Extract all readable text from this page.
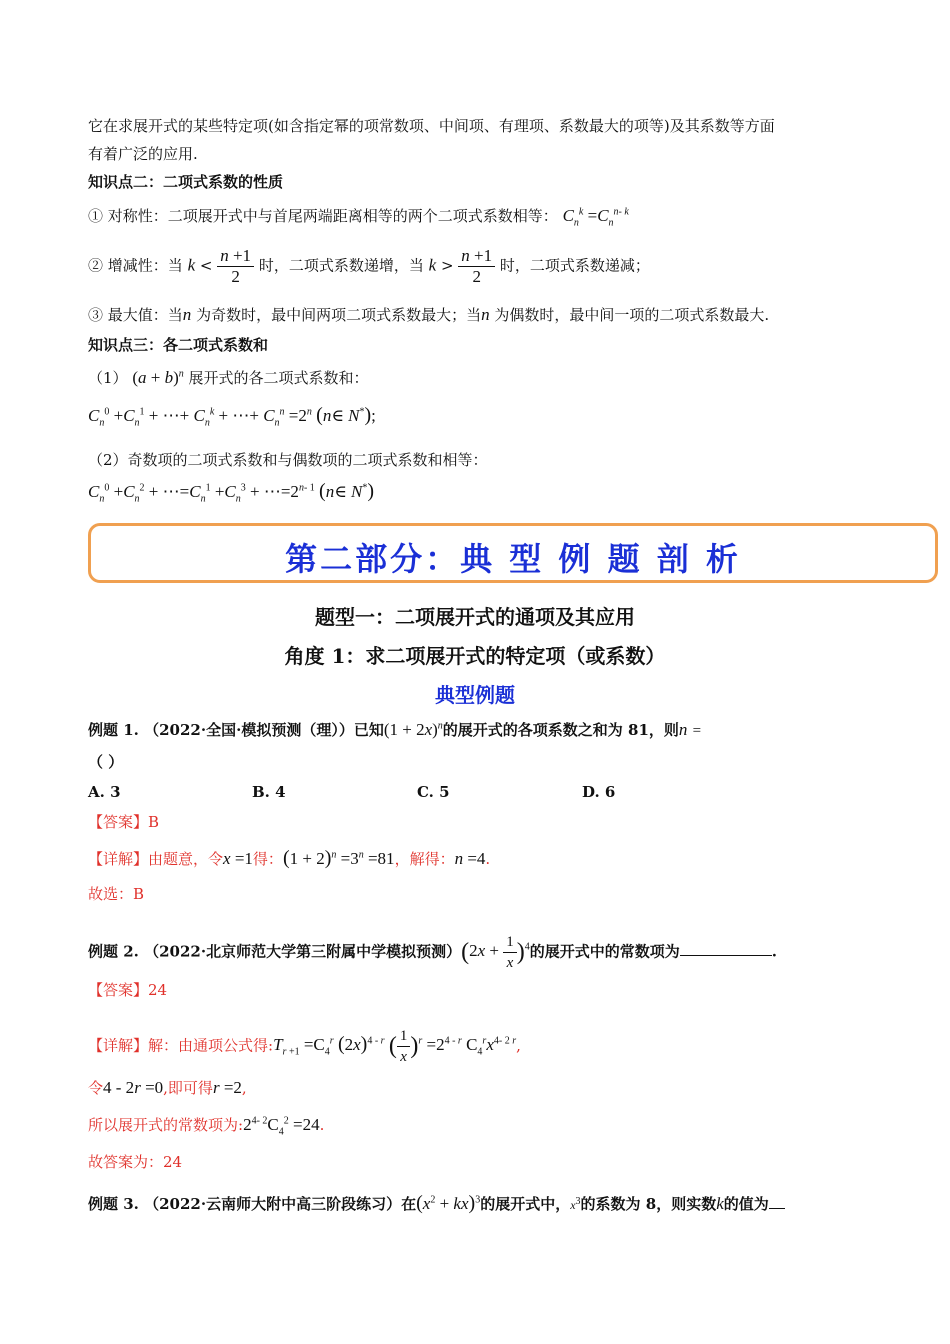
它在求展开式的某些特定项(如含指定幂的项常数项、中间项、有理项、系数最大的项等)及其系数等方面
有着广泛的应用.
知识点二：二项式系数的性质
① 对称性：二项展开式中与首尾两端距离相等的两个二项式系数相等： $C_n^k =C_n^{n- k}$
② 增减性：当 $k < \frac{n +1}{2}$ 时，二项式系数递增，当 $k > \frac{n +1}{2}$ 时，二项式系数递减；
③ 最大值：当n 为奇数时，最中间两项二项式系数最大；当n 为偶数时，最中间一项的二项式系数最大.
知识点三：各二项式系数和
（1） $(a + b)^n$ 展开式的各二项式系数和：
$C_n^0 +C_n^1$ + ⋯+ $C_n^k$ + ⋯+ $C_n^n =2^n$ (n∈ N*);
（2）奇数项的二项式系数和与偶数项的二项式系数和相等：
$C_n^0 +C_n^2$ + $\cdots=C_n^1 +C_n^3$ + $\cdots=2^{n- 1}$ (n∈ N*)
第二部分：典 型 例 题 剖 析
题型一：二项展开式的通项及其应用
角度 1：求二项展开式的特定项（或系数）
典型例题
例题 1. （2022·全国·模拟预测（理））已知$(1 + 2x)^n$的展开式的各项系数之和为 81，则n =
（ ）
A. 3	B. 4	C. 5	D. 6
【答案】B
【详解】由题意，令x =1得：$(1 + 2)^n =3^n =81$，解得：n =4.
故选：B
例题 2. （2022·北京师范大学第三附属中学模拟预测）$(2x + \frac{1}{x} )^4$的展开式中的常数项为	.
【答案】24
【详解】解：由通项公式得$:T_{r +1} =C_4^r$ $(2x)^{4 - r}$ ( $\frac{1}{x} )^r =2^{4 - r}$ $C_4^rx^{4- 2 r}$,
令4 - 2r =0,即可得r =2,
所以展开式的常数项为$:2^{4- 2}C_4^2 =24$.
故答案为：24
例题 3. （2022·云南师大附中高三阶段练习）在$(x^2 + kx)^3$的展开式中，$x^3$的系数为 8，则实数k的值为
